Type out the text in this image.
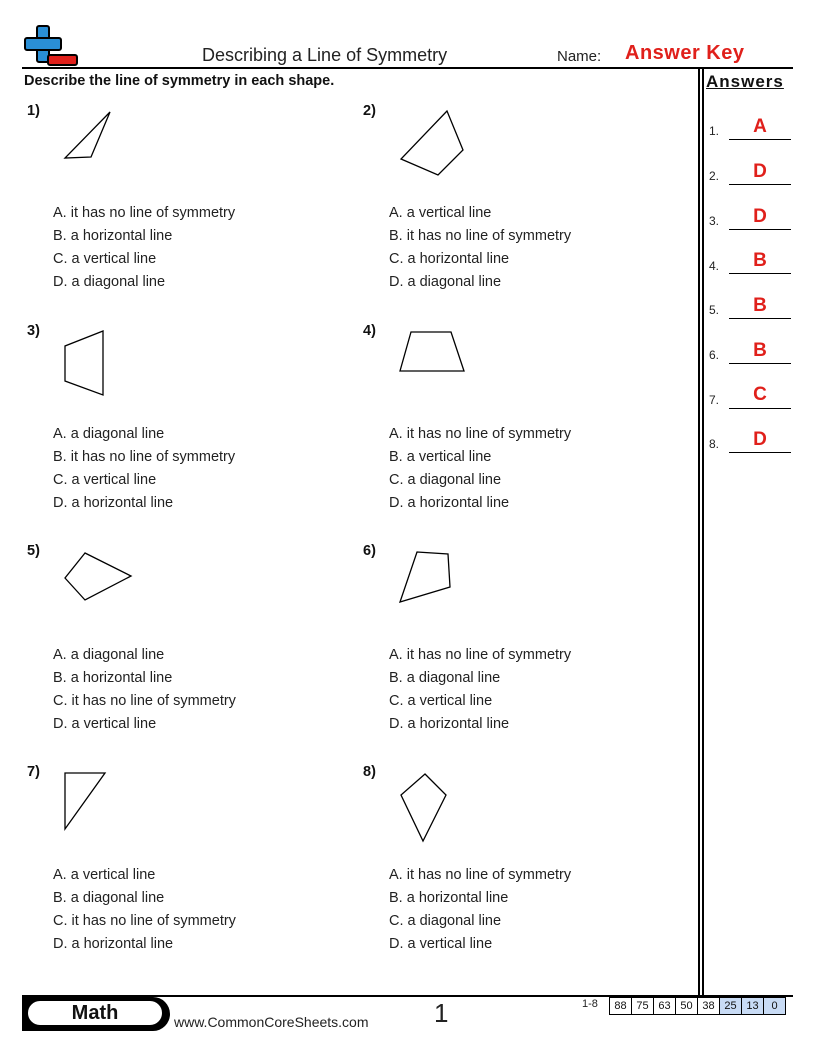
Describing a Line of Symmetry	Name: Answer Key
Describe the line of symmetry in each shape.	Answers
1)
A. it has no line of symmetry
B. a horizontal line
C. a vertical line
D. a diagonal line
2)
A. a vertical line
B. it has no line of symmetry
C. a horizontal line
D. a diagonal line
3)
A. a diagonal line
B. it has no line of symmetry
C. a vertical line
D. a horizontal line
4)
A. it has no line of symmetry
B. a vertical line
C. a diagonal line
D. a horizontal line
5)
A. a diagonal line
B. a horizontal line
C. it has no line of symmetry
D. a vertical line
6)
A. it has no line of symmetry
B. a diagonal line
C. a vertical line
D. a horizontal line
7)
A. a vertical line
B. a diagonal line
C. it has no line of symmetry
D. a horizontal line
8)
A. it has no line of symmetry
B. a horizontal line
C. a diagonal line
D. a vertical line
1.	A
2.	D
3.	D
4.	B
5.	B
6.	B
7.	C
8.	D
Math	www.CommonCoreSheets.com	1	1-8	88 75 63 50 38 25 13	0
